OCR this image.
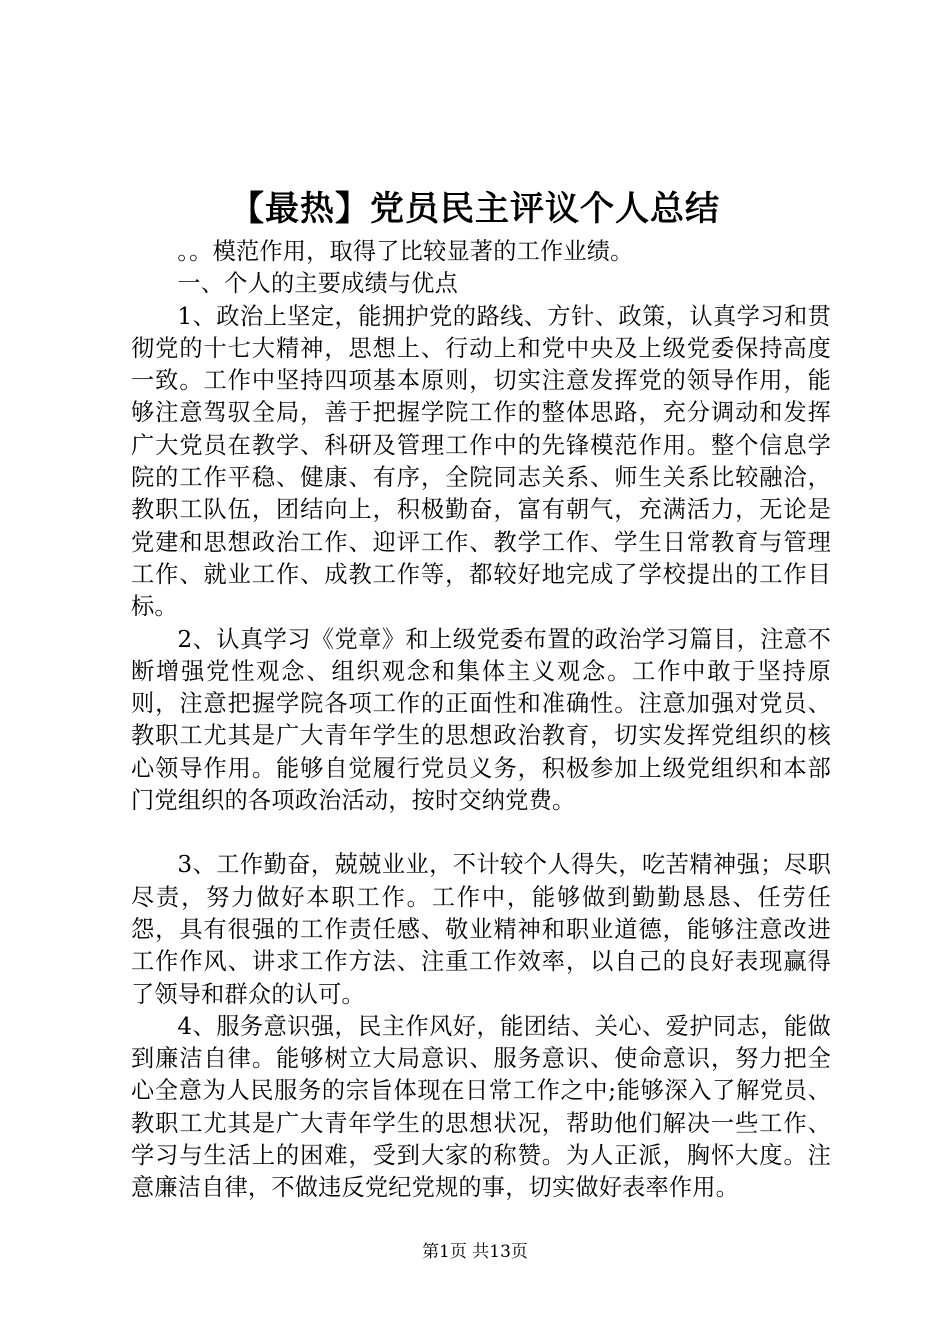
【最热】党员民主评议个人总结

。。模范作用，取得了比较显著的工作业绩。

一、个人的主要成绩与优点

1、政治上坚定，能拥护党的路线、方针、政策，认真学习和贯彻党的十七大精神，思想上、行动上和党中央及上级党委保持高度一致。工作中坚持四项基本原则，切实注意发挥党的领导作用，能够注意驾驭全局，善于把握学院工作的整体思路，充分调动和发挥广大党员在教学、科研及管理工作中的先锋模范作用。整个信息学院的工作平稳、健康、有序，全院同志关系、师生关系比较融洽，教职工队伍，团结向上，积极勤奋，富有朝气，充满活力，无论是党建和思想政治工作、迎评工作、教学工作、学生日常教育与管理工作、就业工作、成教工作等，都较好地完成了学校提出的工作目标。

2、认真学习《党章》和上级党委布置的政治学习篇目，注意不断增强党性观念、组织观念和集体主义观念。工作中敢于坚持原则，注意把握学院各项工作的正面性和准确性。注意加强对党员、教职工尤其是广大青年学生的思想政治教育，切实发挥党组织的核心领导作用。能够自觉履行党员义务，积极参加上级党组织和本部门党组织的各项政治活动，按时交纳党费。

3、工作勤奋，兢兢业业，不计较个人得失，吃苦精神强；尽职尽责，努力做好本职工作。工作中，能够做到勤勤恳恳、任劳任怨，具有很强的工作责任感、敬业精神和职业道德，能够注意改进工作作风、讲求工作方法、注重工作效率，以自己的良好表现赢得了领导和群众的认可。

4、服务意识强，民主作风好，能团结、关心、爱护同志，能做到廉洁自律。能够树立大局意识、服务意识、使命意识，努力把全心全意为人民服务的宗旨体现在日常工作之中;能够深入了解党员、教职工尤其是广大青年学生的思想状况，帮助他们解决一些工作、学习与生活上的困难，受到大家的称赞。为人正派，胸怀大度。注意廉洁自律，不做违反党纪党规的事，切实做好表率作用。

第1页 共13页
